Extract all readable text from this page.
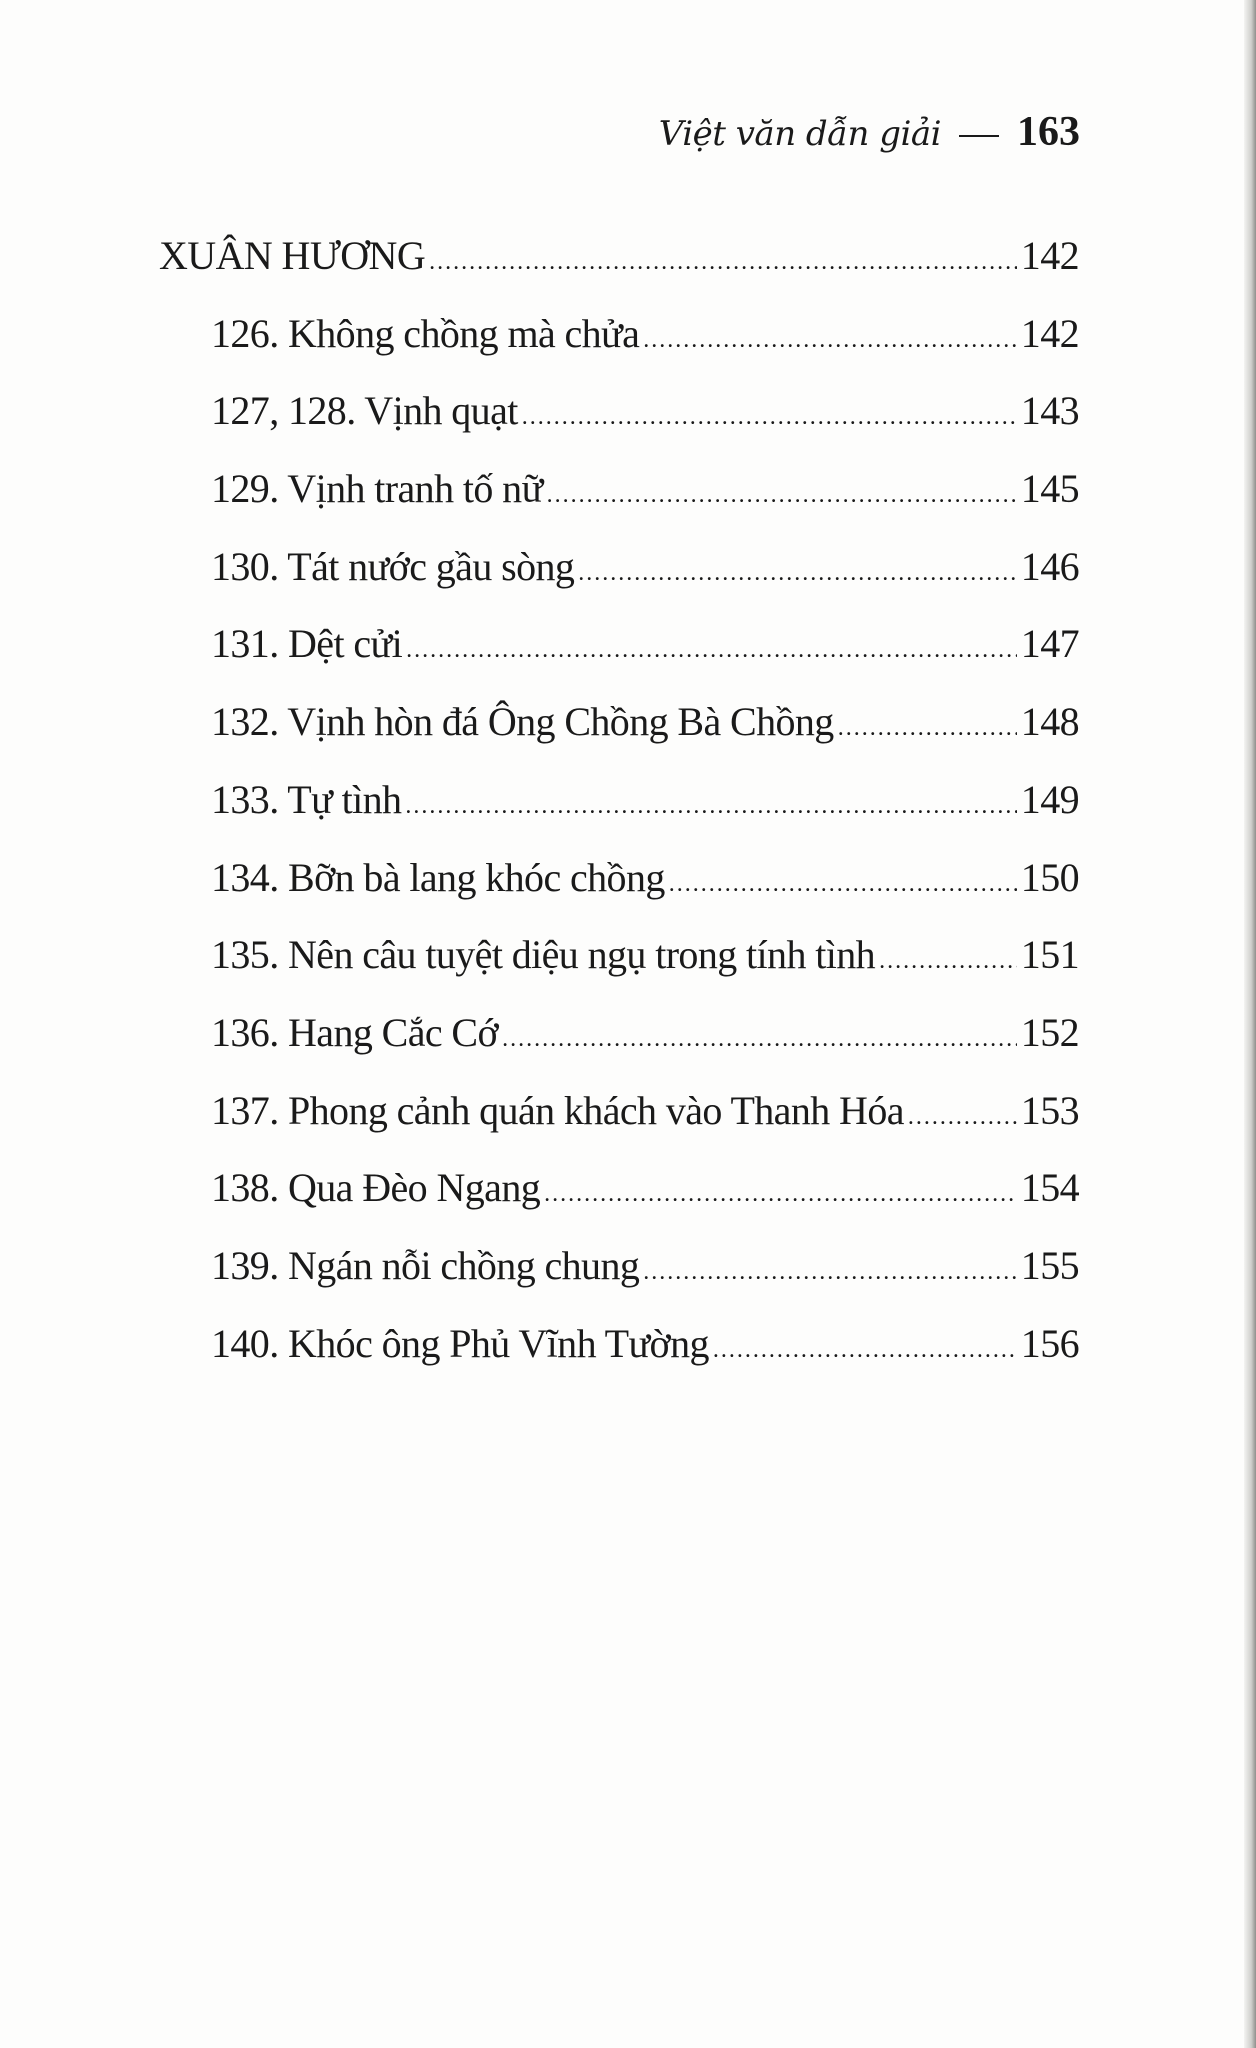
Việt văn dẫn giải 163
XUÂN HƯƠNG .....	142
126. Không chồng mà chửa .....	142
127, 128. Vịnh quạt .....	143
129. Vịnh tranh tố nữ .....	145
130. Tát nước gầu sòng .....	146
131. Dệt cửi .....	147
132. Vịnh hòn đá Ông Chồng Bà Chồng .....	148
133. Tự tình .....	149
134. Bỡn bà lang khóc chồng .....	150
135. Nên câu tuyệt diệu ngụ trong tính tình .....	151
136. Hang Cắc Cớ .....	152
137. Phong cảnh quán khách vào Thanh Hóa .....	153
138. Qua Đèo Ngang .....	154
139. Ngán nỗi chồng chung .....	155
140. Khóc ông Phủ Vĩnh Tường .....	156
